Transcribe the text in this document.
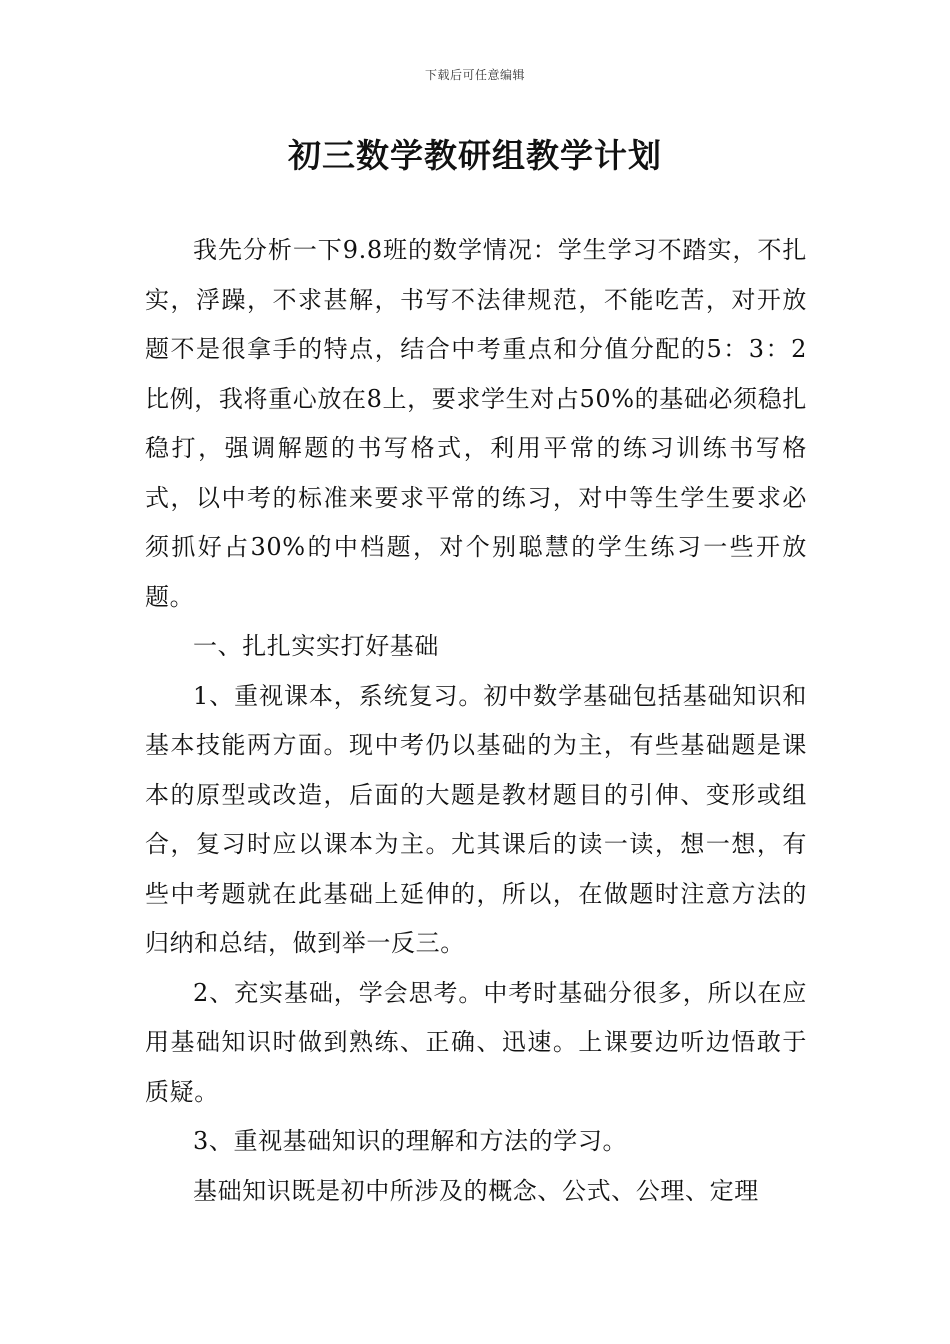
下载后可任意编辑
初三数学教研组教学计划

我先分析一下9.8班的数学情况：学生学习不踏实，不扎实，浮躁，不求甚解，书写不法律规范，不能吃苦，对开放题不是很拿手的特点，结合中考重点和分值分配的5：3：2比例，我将重心放在8上，要求学生对占50%的基础必须稳扎稳打，强调解题的书写格式，利用平常的练习训练书写格式，以中考的标准来要求平常的练习，对中等生学生要求必须抓好占30%的中档题，对个别聪慧的学生练习一些开放题。

一、扎扎实实打好基础

1、重视课本，系统复习。初中数学基础包括基础知识和基本技能两方面。现中考仍以基础的为主，有些基础题是课本的原型或改造，后面的大题是教材题目的引伸、变形或组合，复习时应以课本为主。尤其课后的读一读，想一想，有些中考题就在此基础上延伸的，所以，在做题时注意方法的归纳和总结，做到举一反三。

2、充实基础，学会思考。中考时基础分很多，所以在应用基础知识时做到熟练、正确、迅速。上课要边听边悟敢于质疑。

3、重视基础知识的理解和方法的学习。

基础知识既是初中所涉及的概念、公式、公理、定理
